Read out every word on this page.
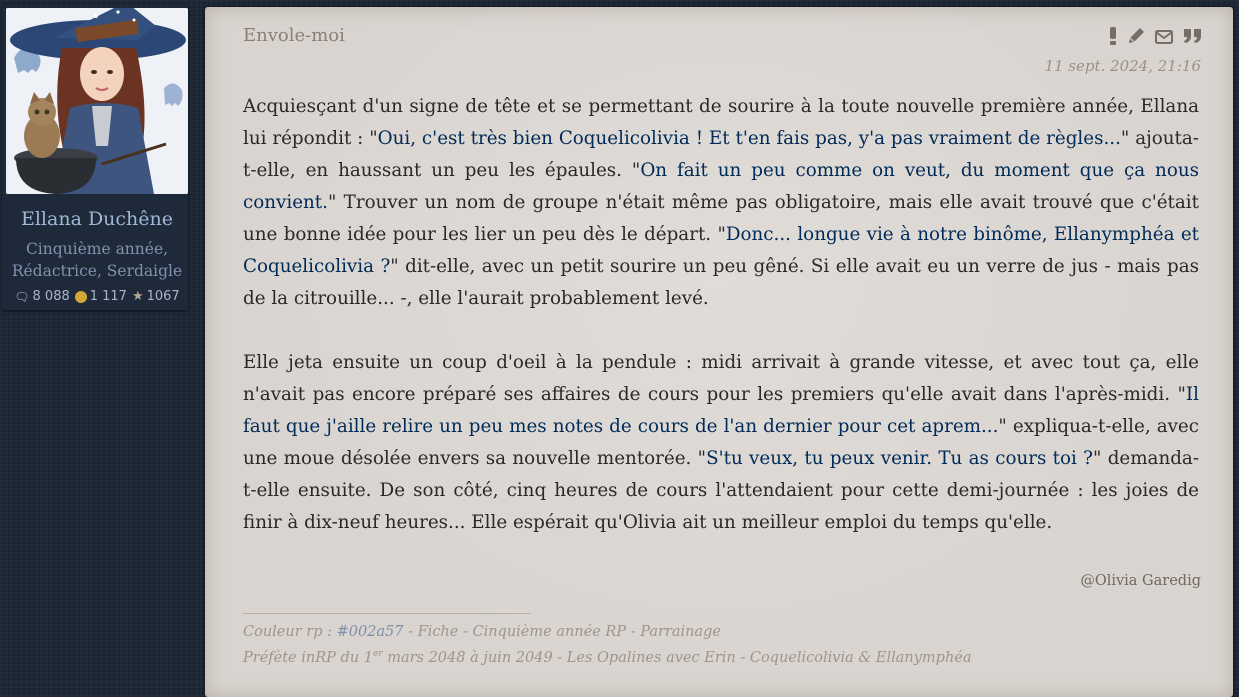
Ellana Duchêne
Cinquième année, Rédactrice, Serdaigle
🗨︎ 8 088 1 117 ★ 1067
Envole-moi
11 sept. 2024, 21:16

Acquiesçant d'un signe de tête et se permettant de sourire à la toute nouvelle première année, Ellana lui répondit : "Oui, c'est très bien Coquelicolivia ! Et t'en fais pas, y'a pas vraiment de règles..." ajouta-t-elle, en haussant un peu les épaules. "On fait un peu comme on veut, du moment que ça nous convient." Trouver un nom de groupe n'était même pas obligatoire, mais elle avait trouvé que c'était une bonne idée pour les lier un peu dès le départ. "Donc... longue vie à notre binôme, Ellanymphéa et Coquelicolivia ?" dit-elle, avec un petit sourire un peu gêné. Si elle avait eu un verre de jus - mais pas de la citrouille... -, elle l'aurait probablement levé.

Elle jeta ensuite un coup d'oeil à la pendule : midi arrivait à grande vitesse, et avec tout ça, elle n'avait pas encore préparé ses affaires de cours pour les premiers qu'elle avait dans l'après-midi. "Il faut que j'aille relire un peu mes notes de cours de l'an dernier pour cet aprem..." expliqua-t-elle, avec une moue désolée envers sa nouvelle mentorée. "S'tu veux, tu peux venir. Tu as cours toi ?" demanda-t-elle ensuite. De son côté, cinq heures de cours l'attendaient pour cette demi-journée : les joies de finir à dix-neuf heures... Elle espérait qu'Olivia ait un meilleur emploi du temps qu'elle.

@Olivia Garedig
Couleur rp : #002a57 - Fiche - Cinquième année RP - Parrainage
Préfète inRP du 1er mars 2048 à juin 2049 - Les Opalines avec Erin - Coquelicolivia & Ellanymphéa
